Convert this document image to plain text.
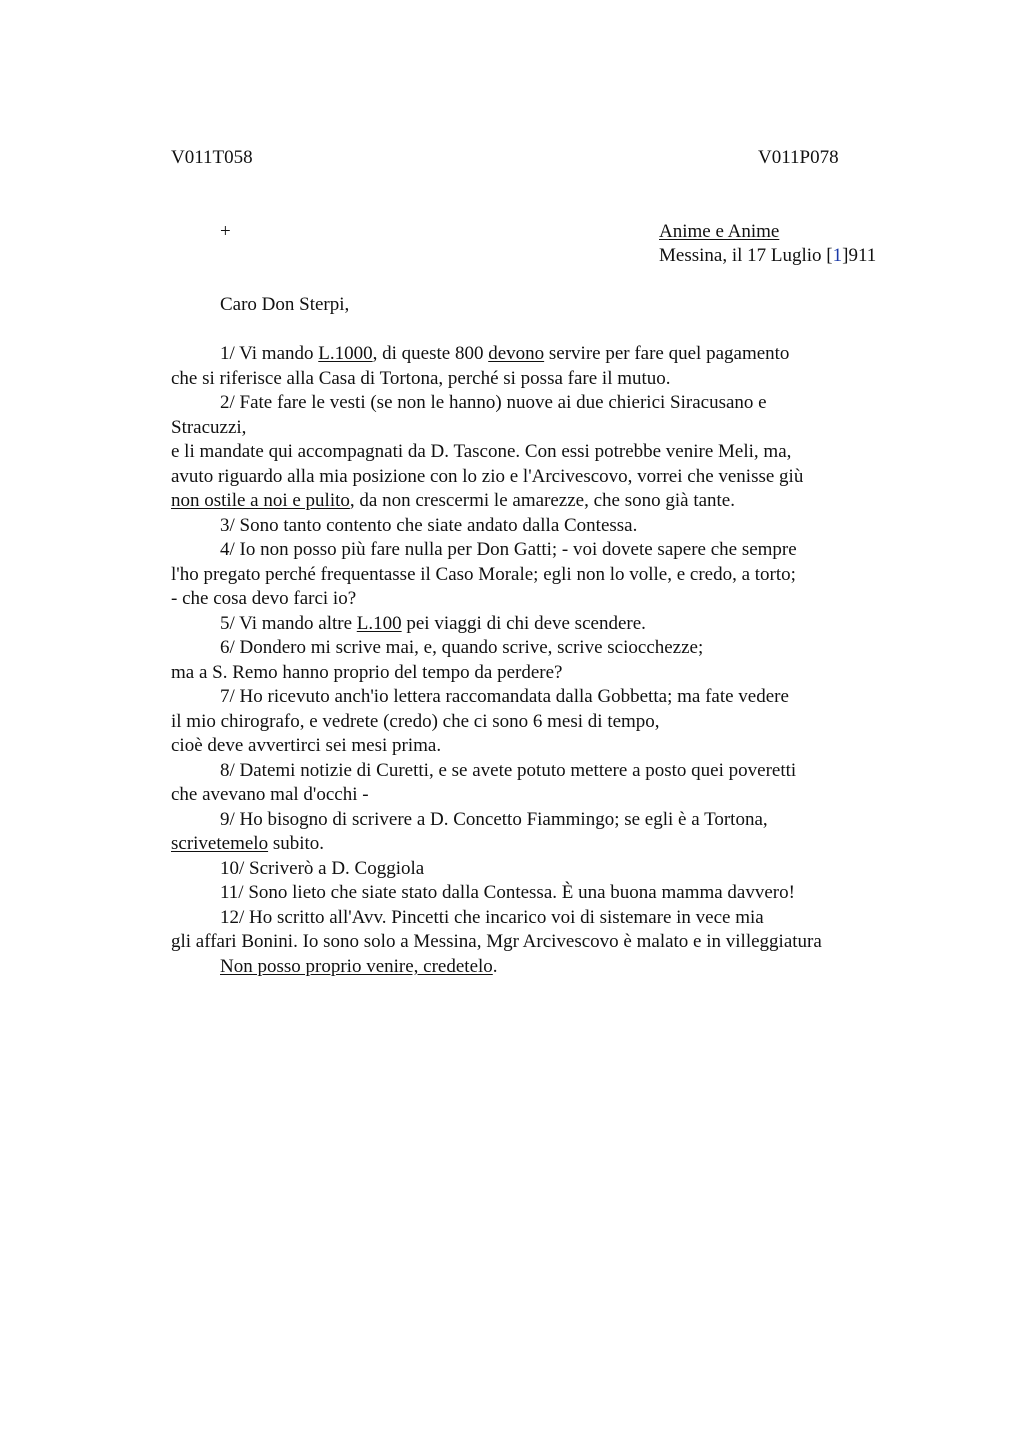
V011T058	V011P078
+	Anime e Anime
Messina, il 17 Luglio [1]911
Caro Don Sterpi,
1/ Vi mando L.1000, di queste 800 devono servire per fare quel pagamento
che si riferisce alla Casa di Tortona, perché si possa fare il mutuo.
2/ Fate fare le vesti (se non le hanno) nuove ai due chierici Siracusano e
Stracuzzi,
e li mandate qui accompagnati da D. Tascone. Con essi potrebbe venire Meli, ma,
avuto riguardo alla mia posizione con lo zio e l'Arcivescovo, vorrei che venisse giù
non ostile a noi e pulito, da non crescermi le amarezze, che sono già tante.
3/ Sono tanto contento che siate andato dalla Contessa.
4/ Io non posso più fare nulla per Don Gatti; - voi dovete sapere che sempre
l'ho pregato perché frequentasse il Caso Morale; egli non lo volle, e credo, a torto;
- che cosa devo farci io?
5/ Vi mando altre L.100 pei viaggi di chi deve scendere.
6/ Dondero mi scrive mai, e, quando scrive, scrive sciocchezze;
ma a S. Remo hanno proprio del tempo da perdere?
7/ Ho ricevuto anch'io lettera raccomandata dalla Gobbetta; ma fate vedere
il mio chirografo, e vedrete (credo) che ci sono 6 mesi di tempo,
cioè deve avvertirci sei mesi prima.
8/ Datemi notizie di Curetti, e se avete potuto mettere a posto quei poveretti
che avevano mal d'occhi -
9/ Ho bisogno di scrivere a D. Concetto Fiammingo; se egli è a Tortona,
scrivetemelo subito.
10/ Scriverò a D. Coggiola
11/ Sono lieto che siate stato dalla Contessa. È una buona mamma davvero!
12/ Ho scritto all'Avv. Pincetti che incarico voi di sistemare in vece mia
gli affari Bonini. Io sono solo a Messina, Mgr Arcivescovo è malato e in villeggiatura
Non posso proprio venire, credetelo.
